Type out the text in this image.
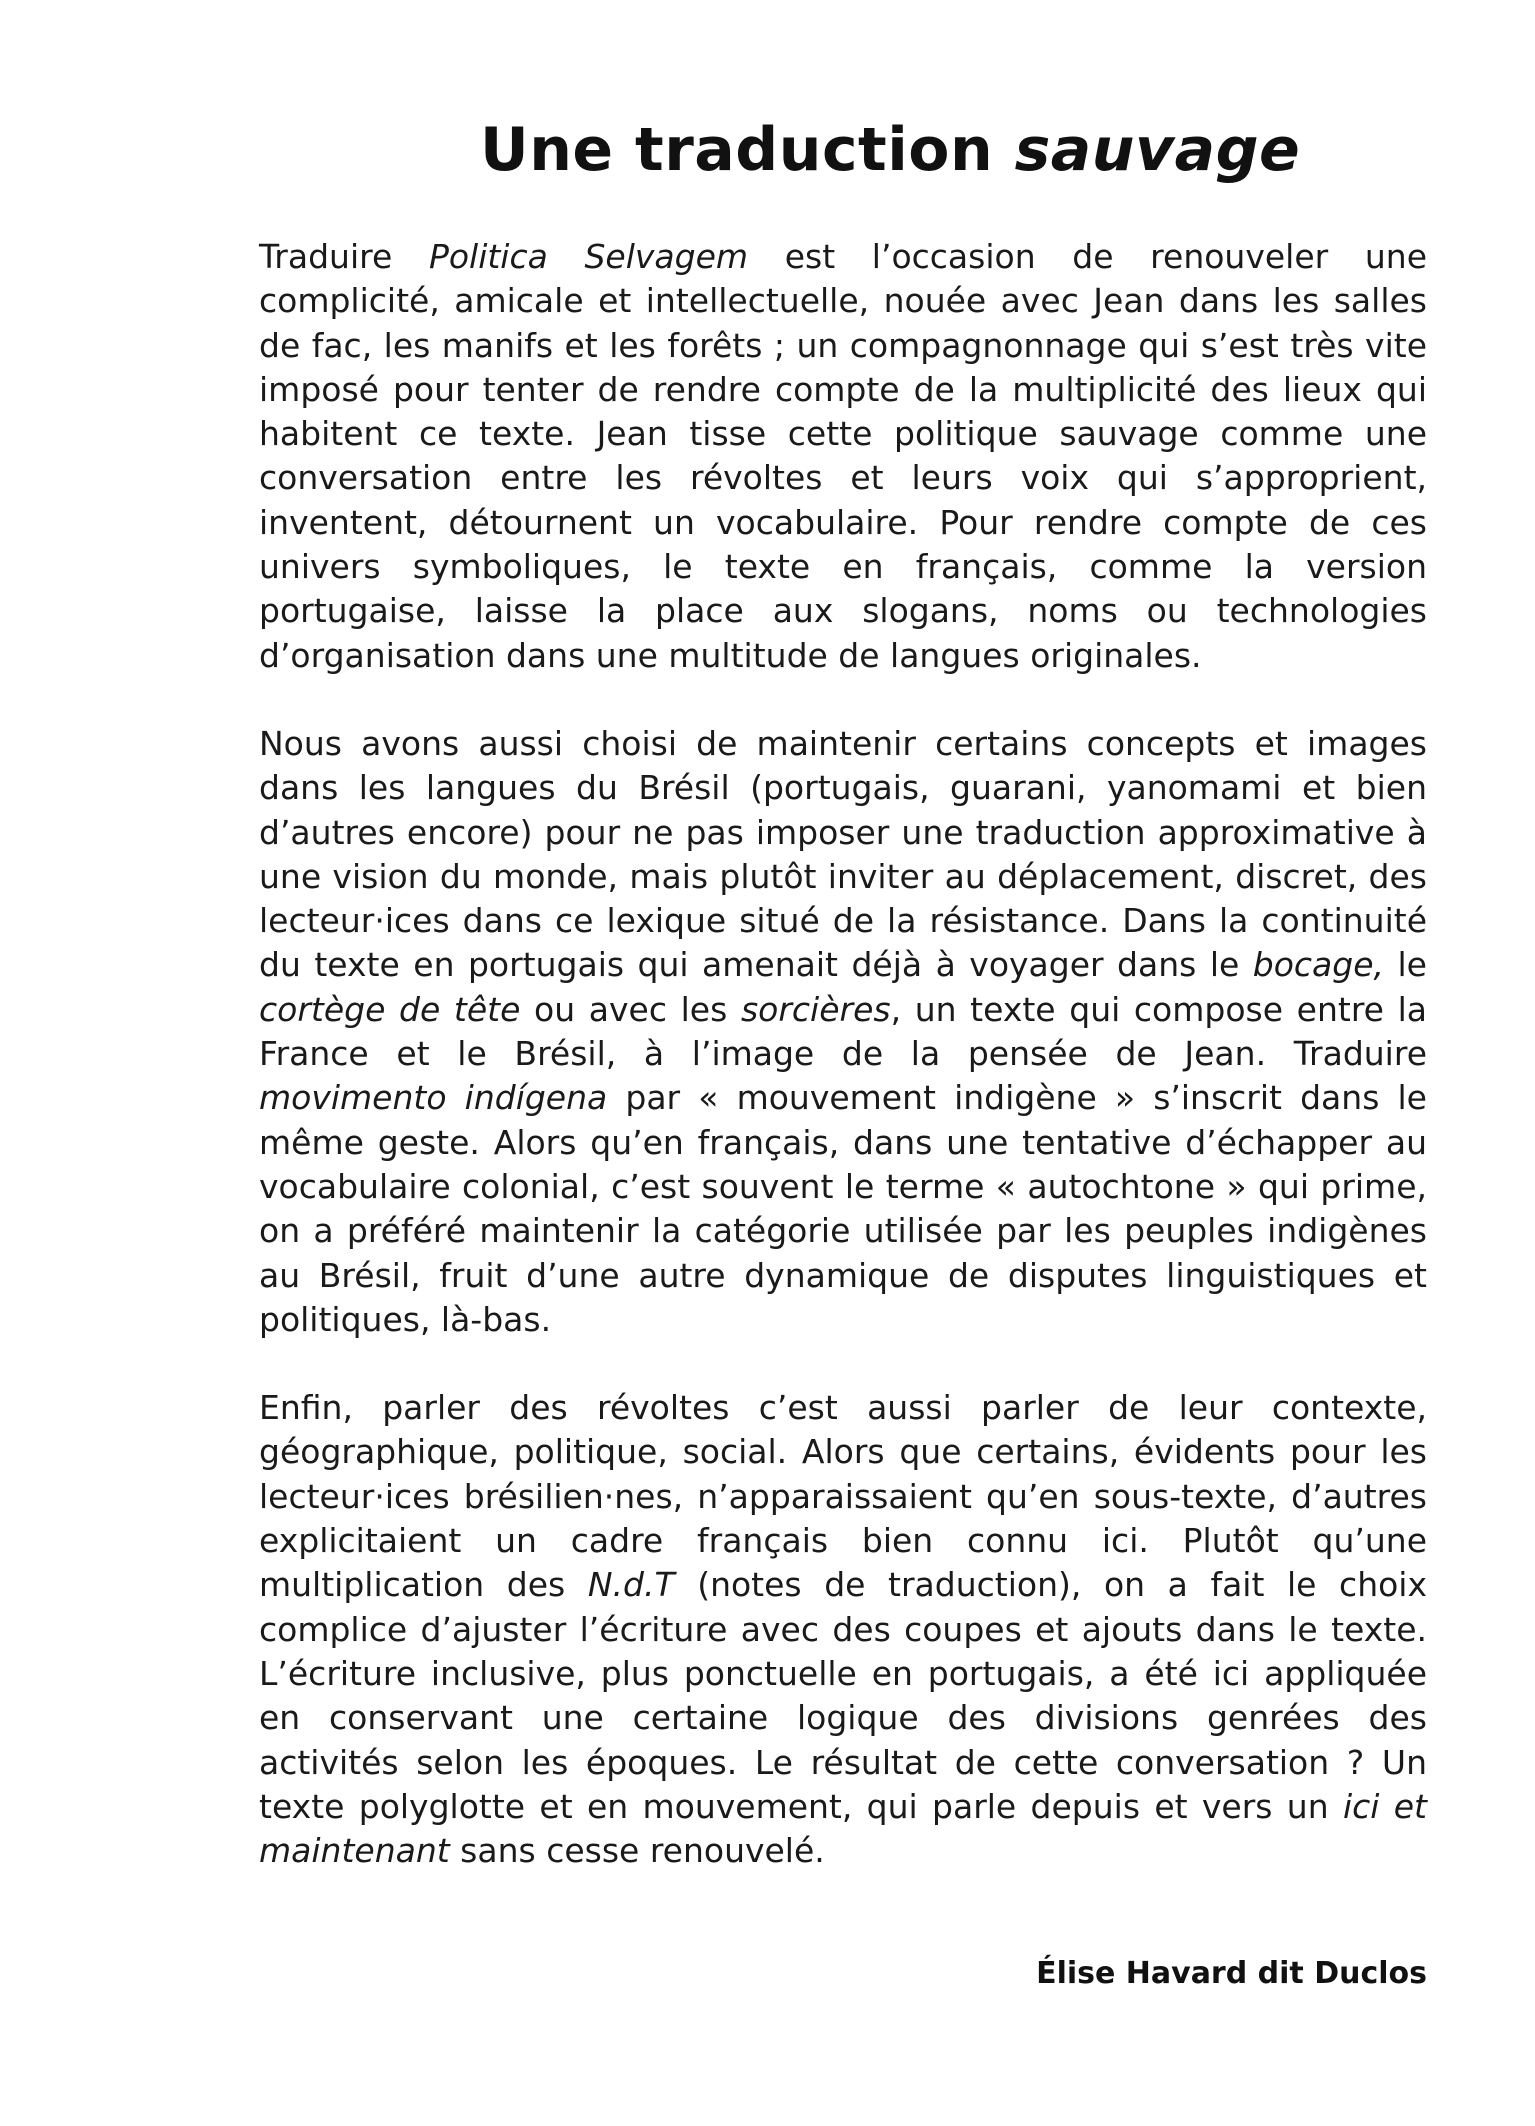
Une traduction sauvage

Traduire Politica Selvagem est l’occasion de renouveler une complicité, amicale et intellectuelle, nouée avec Jean dans les salles de fac, les manifs et les forêts ; un compagnonnage qui s’est très vite imposé pour tenter de rendre compte de la multiplicité des lieux qui habitent ce texte. Jean tisse cette politique sauvage comme une conversation entre les révoltes et leurs voix qui s’approprient, inventent, détournent un vocabulaire. Pour rendre compte de ces univers symboliques, le texte en français, comme la version portugaise, laisse la place aux slogans, noms ou technologies d’organisation dans une multitude de langues originales.

Nous avons aussi choisi de maintenir certains concepts et images dans les langues du Brésil (portugais, guarani, yanomami et bien d’autres encore) pour ne pas imposer une traduction approximative à une vision du monde, mais plutôt inviter au déplacement, discret, des lecteur·ices dans ce lexique situé de la résistance. Dans la continuité du texte en portugais qui amenait déjà à voyager dans le bocage, le cortège de tête ou avec les sorcières, un texte qui compose entre la France et le Brésil, à l’image de la pensée de Jean. Traduire movimento indígena par « mouvement indigène » s’inscrit dans le même geste. Alors qu’en français, dans une tentative d’échapper au vocabulaire colonial, c’est souvent le terme « autochtone » qui prime, on a préféré maintenir la catégorie utilisée par les peuples indigènes au Brésil, fruit d’une autre dynamique de disputes linguistiques et politiques, là-bas.

Enfin, parler des révoltes c’est aussi parler de leur contexte, géographique, politique, social. Alors que certains, évidents pour les lecteur·ices brésilien·nes, n’apparaissaient qu’en sous-texte, d’autres explicitaient un cadre français bien connu ici. Plutôt qu’une multiplication des N.d.T (notes de traduction), on a fait le choix complice d’ajuster l’écriture avec des coupes et ajouts dans le texte. L’écriture inclusive, plus ponctuelle en portugais, a été ici appliquée en conservant une certaine logique des divisions genrées des activités selon les époques. Le résultat de cette conversation ? Un texte polyglotte et en mouvement, qui parle depuis et vers un ici et maintenant sans cesse renouvelé.

Élise Havard dit Duclos
